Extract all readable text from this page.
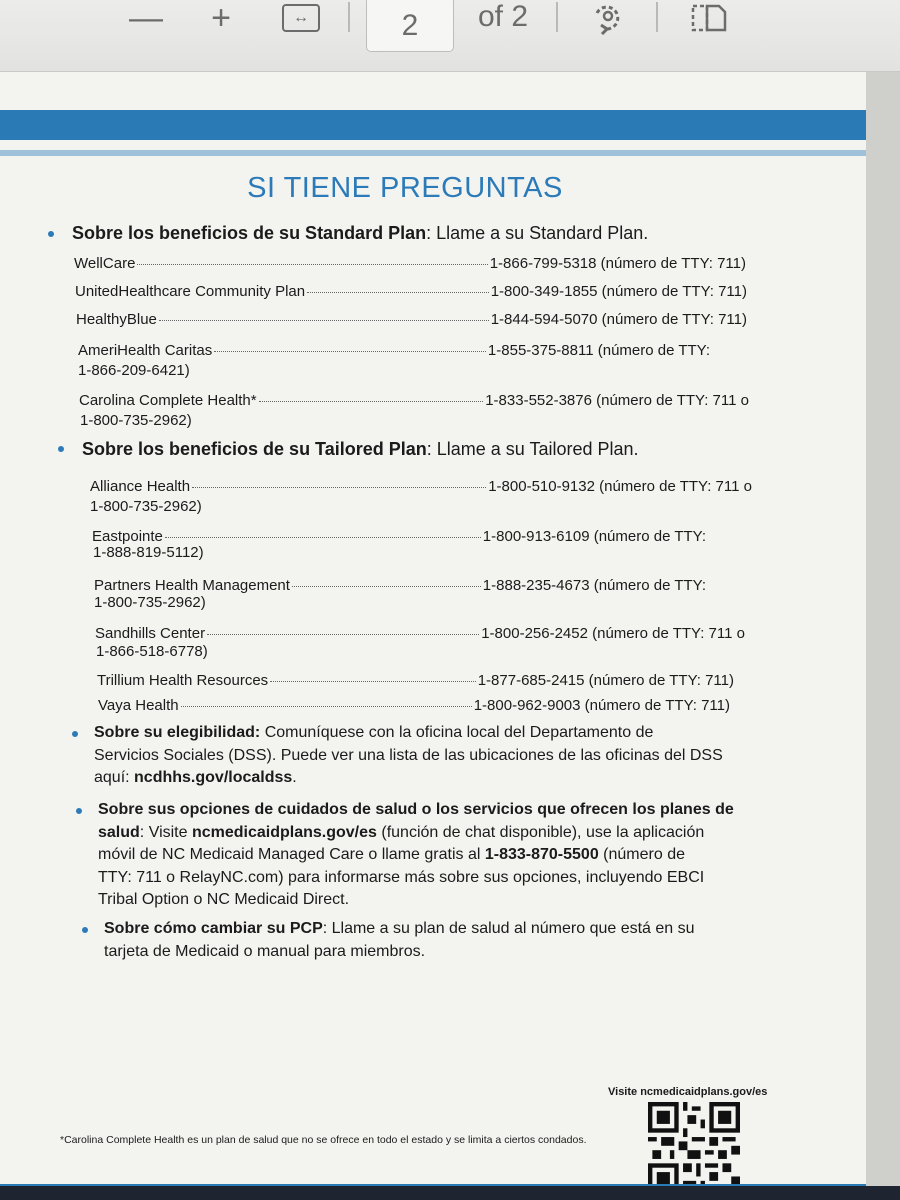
— +	↔	2	of 2
SI TIENE PREGUNTAS
Sobre los beneficios de su Standard Plan: Llame a su Standard Plan.
WellCare	1-866-799-5318 (número de TTY: 711)
UnitedHealthcare Community Plan	1-800-349-1855 (número de TTY: 711)
HealthyBlue	1-844-594-5070 (número de TTY: 711)
AmeriHealth Caritas	1-855-375-8811 (número de TTY:
1-866-209-6421)
Carolina Complete Health*	1-833-552-3876 (número de TTY: 711 o
1-800-735-2962)
Sobre los beneficios de su Tailored Plan: Llame a su Tailored Plan.
Alliance Health	1-800-510-9132 (número de TTY: 711 o
1-800-735-2962)
Eastpointe	1-800-913-6109 (número de TTY:
1-888-819-5112)
Partners Health Management	1-888-235-4673 (número de TTY:
1-800-735-2962)
Sandhills Center	1-800-256-2452 (número de TTY: 711 o
1-866-518-6778)
Trillium Health Resources	1-877-685-2415 (número de TTY: 711)
Vaya Health	1-800-962-9003 (número de TTY: 711)
Sobre su elegibilidad: Comuníquese con la oficina local del Departamento de
Servicios Sociales (DSS). Puede ver una lista de las ubicaciones de las oficinas del DSS
aquí: ncdhhs.gov/localdss.
Sobre sus opciones de cuidados de salud o los servicios que ofrecen los planes de
salud: Visite ncmedicaidplans.gov/es (función de chat disponible), use la aplicación
móvil de NC Medicaid Managed Care o llame gratis al 1-833-870-5500 (número de
TTY: 711 o RelayNC.com) para informarse más sobre sus opciones, incluyendo EBCI
Tribal Option o NC Medicaid Direct.
Sobre cómo cambiar su PCP: Llame a su plan de salud al número que está en su
tarjeta de Medicaid o manual para miembros.
Visite ncmedicaidplans.gov/es
*Carolina Complete Health es un plan de salud que no se ofrece en todo el estado y se limita a ciertos condados.
